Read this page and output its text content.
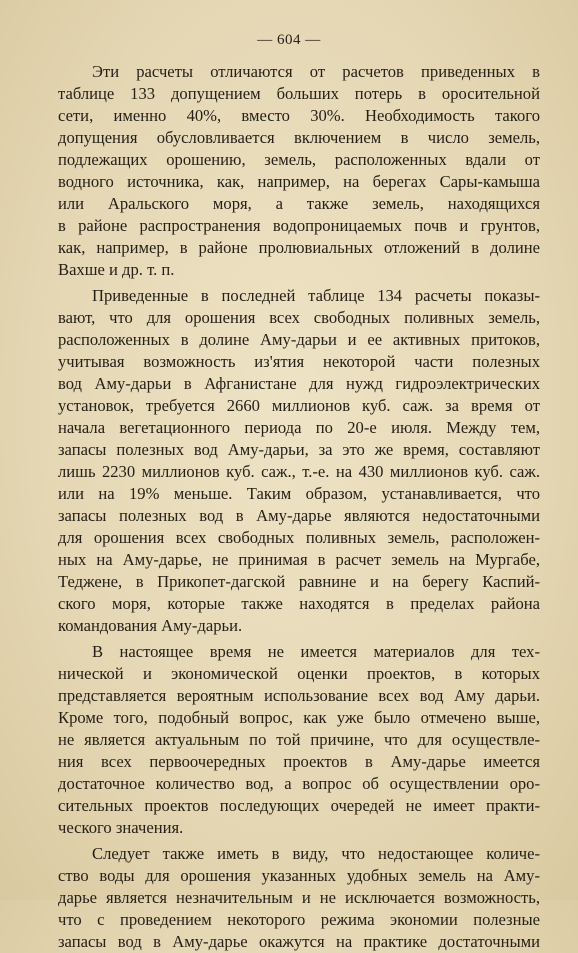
— 604 —
Эти расчеты отличаются от расчетов приведенных в
таблице 133 допущением больших потерь в оросительной
сети, именно 40%, вместо 30%. Необходимость такого
допущения обусловливается включением в число земель,
подлежащих орошению, земель, расположенных вдали от
водного источника, как, например, на берегах Сары-камыша
или Аральского моря, а также земель, находящихся
в районе распространения водопроницаемых почв и грунтов,
как, например, в районе пролювиальных отложений в долине
Вахше и др. т. п.
Приведенные в последней таблице 134 расчеты показы-
вают, что для орошения всех свободных поливных земель,
расположенных в долине Аму-дарьи и ее активных притоков,
учитывая возможность из'ятия некоторой части полезных
вод Аму-дарьи в Афганистане для нужд гидроэлектрических
установок, требуется 2660 миллионов куб. саж. за время от
начала вегетационного периода по 20-е июля. Между тем,
запасы полезных вод Аму-дарьи, за это же время, составляют
лишь 2230 миллионов куб. саж., т.-е. на 430 миллионов куб. саж.
или на 19% меньше. Таким образом, устанавливается, что
запасы полезных вод в Аму-дарье являются недостаточными
для орошения всех свободных поливных земель, расположен-
ных на Аму-дарье, не принимая в расчет земель на Мургабе,
Теджене, в Прикопет-дагской равнине и на берегу Каспий-
ского моря, которые также находятся в пределах района
командования Аму-дарьи.
В настоящее время не имеется материалов для тех-
нической и экономической оценки проектов, в которых
представляется вероятным использование всех вод Аму дарьи.
Кроме того, подобный вопрос, как уже было отмечено выше,
не является актуальным по той причине, что для осуществле-
ния всех первоочередных проектов в Аму-дарье имеется
достаточное количество вод, а вопрос об осуществлении оро-
сительных проектов последующих очередей не имеет практи-
ческого значения.
Следует также иметь в виду, что недостающее количе-
ство воды для орошения указанных удобных земель на Аму-
дарье является незначительным и не исключается возможность,
что с проведением некоторого режима экономии полезные
запасы вод в Аму-дарье окажутся на практике достаточными
